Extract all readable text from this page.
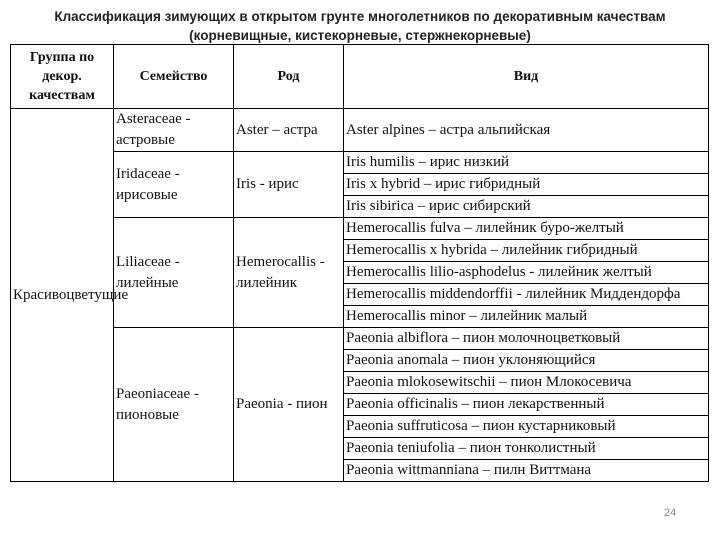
Классификация зимующих в открытом грунте многолетников по декоративным качествам
(корневищные, кистекорневые, стержнекорневые)
Группа по декор. качествам	Семейство	Род	Вид
Красивоцветущие	Asteraceae - астровые	Aster – астра	Aster alpines – астра альпийская
	Iridaceae - ирисовые	Iris - ирис	Iris humilis – ирис низкий
			Iris x hybrid – ирис гибридный
			Iris sibirica – ирис сибирский
	Liliaceae - лилейные	Hemerocallis - лилейник	Hemerocallis fulva – лилейник буро-желтый
			Hemerocallis x hybrida – лилейник гибридный
			Hemerocallis lilio-asphodelus - лилейник желтый
			Hemerocallis middendorffii - лилейник Миддендорфа
			Hemerocallis minor – лилейник малый
	Paeoniaceae - пионовые	Paeonia - пион	Paeonia albiflora – пион молочноцветковый
			Paeonia anomala – пион уклоняющийся
			Paeonia mlokosewitschii – пион Млокосевича
			Paeonia officinalis – пион лекарственный
			Paeonia suffruticosa – пион кустарниковый
			Paeonia teniufolia – пион тонколистный
			Paeonia wittmanniana – пилн Виттмана
24
